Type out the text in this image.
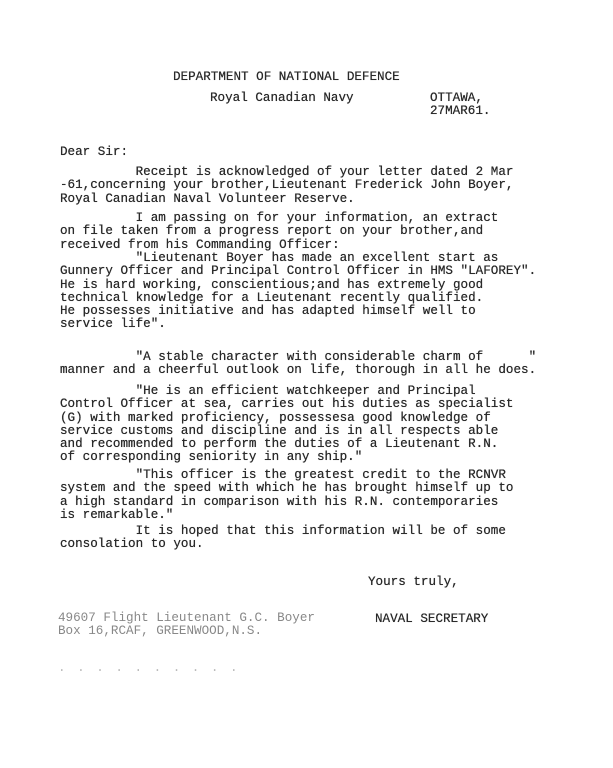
DEPARTMENT OF NATIONAL DEFENCE
Royal Canadian Navy	OTTAWA,
27MAR61.
Dear Sir:
Receipt is acknowledged of your letter dated 2 Mar
-61,concerning your brother,Lieutenant Frederick John Boyer,
Royal Canadian Naval Volunteer Reserve.
I am passing on for your information, an extract
on file taken from a progress report on your brother,and
received from his Commanding Officer:
"Lieutenant Boyer has made an excellent start as
Gunnery Officer and Principal Control Officer in HMS "LAFOREY".
He is hard working, conscientious;and has extremely good
technical knowledge for a Lieutenant recently qualified.
He possesses initiative and has adapted himself well to
service life".
"A stable character with considerable charm of      "
manner and a cheerful outlook on life, thorough in all he does.
"He is an efficient watchkeeper and Principal
Control Officer at sea, carries out his duties as specialist
(G) with marked proficiency, possessesa good knowledge of
service customs and discipline and is in all respects able
and recommended to perform the duties of a Lieutenant R.N.
of corresponding seniority in any ship."
"This officer is the greatest credit to the RCNVR
system and the speed with which he has brought himself up to
a high standard in comparison with his R.N. contemporaries
is remarkable."
It is hoped that this information will be of some
consolation to you.
Yours truly,
49607 Flight Lieutenant G.C. Boyer
Box 16,RCAF, GREENWOOD,N.S.
NAVAL SECRETARY
. . . . . . . . . .
